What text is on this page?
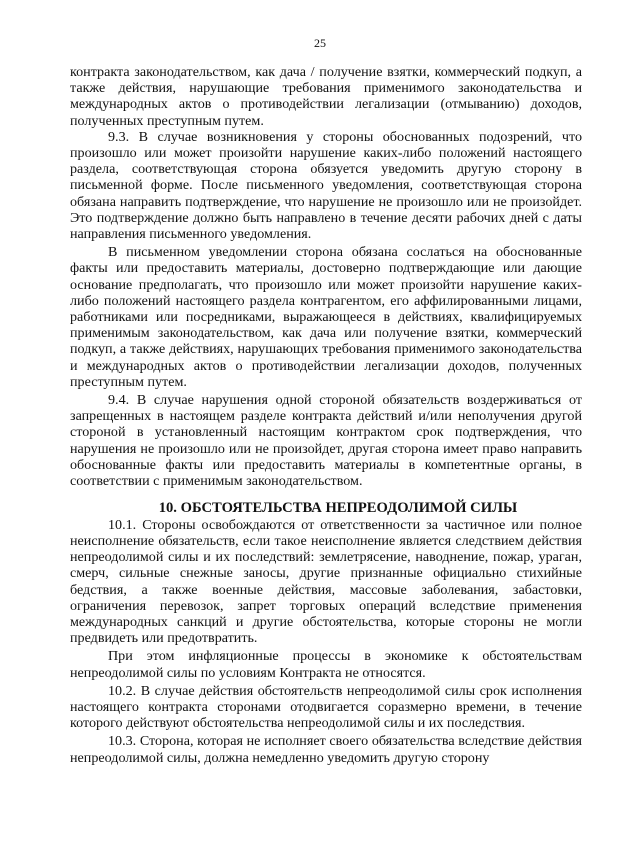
25

контракта законодательством, как дача / получение взятки, коммерческий подкуп, а также действия, нарушающие требования применимого законодательства и международных актов о противодействии легализации (отмыванию) доходов, полученных преступным путем.

9.3. В случае возникновения у стороны обоснованных подозрений, что произошло или может произойти нарушение каких-либо положений настоящего раздела, соответствующая сторона обязуется уведомить другую сторону в письменной форме. После письменного уведомления, соответствующая сторона обязана направить подтверждение, что нарушение не произошло или не произойдет. Это подтверждение должно быть направлено в течение десяти рабочих дней с даты направления письменного уведомления.

В письменном уведомлении сторона обязана сослаться на обоснованные факты или предоставить материалы, достоверно подтверждающие или дающие основание предполагать, что произошло или может произойти нарушение каких-либо положений настоящего раздела контрагентом, его аффилированными лицами, работниками или посредниками, выражающееся в действиях, квалифицируемых применимым законодательством, как дача или получение взятки, коммерческий подкуп, а также действиях, нарушающих требования применимого законодательства и международных актов о противодействии легализации доходов, полученных преступным путем.

9.4. В случае нарушения одной стороной обязательств воздерживаться от запрещенных в настоящем разделе контракта действий и/или неполучения другой стороной в установленный настоящим контрактом срок подтверждения, что нарушения не произошло или не произойдет, другая сторона имеет право направить обоснованные факты или предоставить материалы в компетентные органы, в соответствии с применимым законодательством.

10. ОБСТОЯТЕЛЬСТВА НЕПРЕОДОЛИМОЙ СИЛЫ

10.1. Стороны освобождаются от ответственности за частичное или полное неисполнение обязательств, если такое неисполнение является следствием действия непреодолимой силы и их последствий: землетрясение, наводнение, пожар, ураган, смерч, сильные снежные заносы, другие признанные официально стихийные бедствия, а также военные действия, массовые заболевания, забастовки, ограничения перевозок, запрет торговых операций вследствие применения международных санкций и другие обстоятельства, которые стороны не могли предвидеть или предотвратить.

При этом инфляционные процессы в экономике к обстоятельствам непреодолимой силы по условиям Контракта не относятся.

10.2. В случае действия обстоятельств непреодолимой силы срок исполнения настоящего контракта сторонами отодвигается соразмерно времени, в течение которого действуют обстоятельства непреодолимой силы и их последствия.

10.3. Сторона, которая не исполняет своего обязательства вследствие действия непреодолимой силы, должна немедленно уведомить другую сторону
